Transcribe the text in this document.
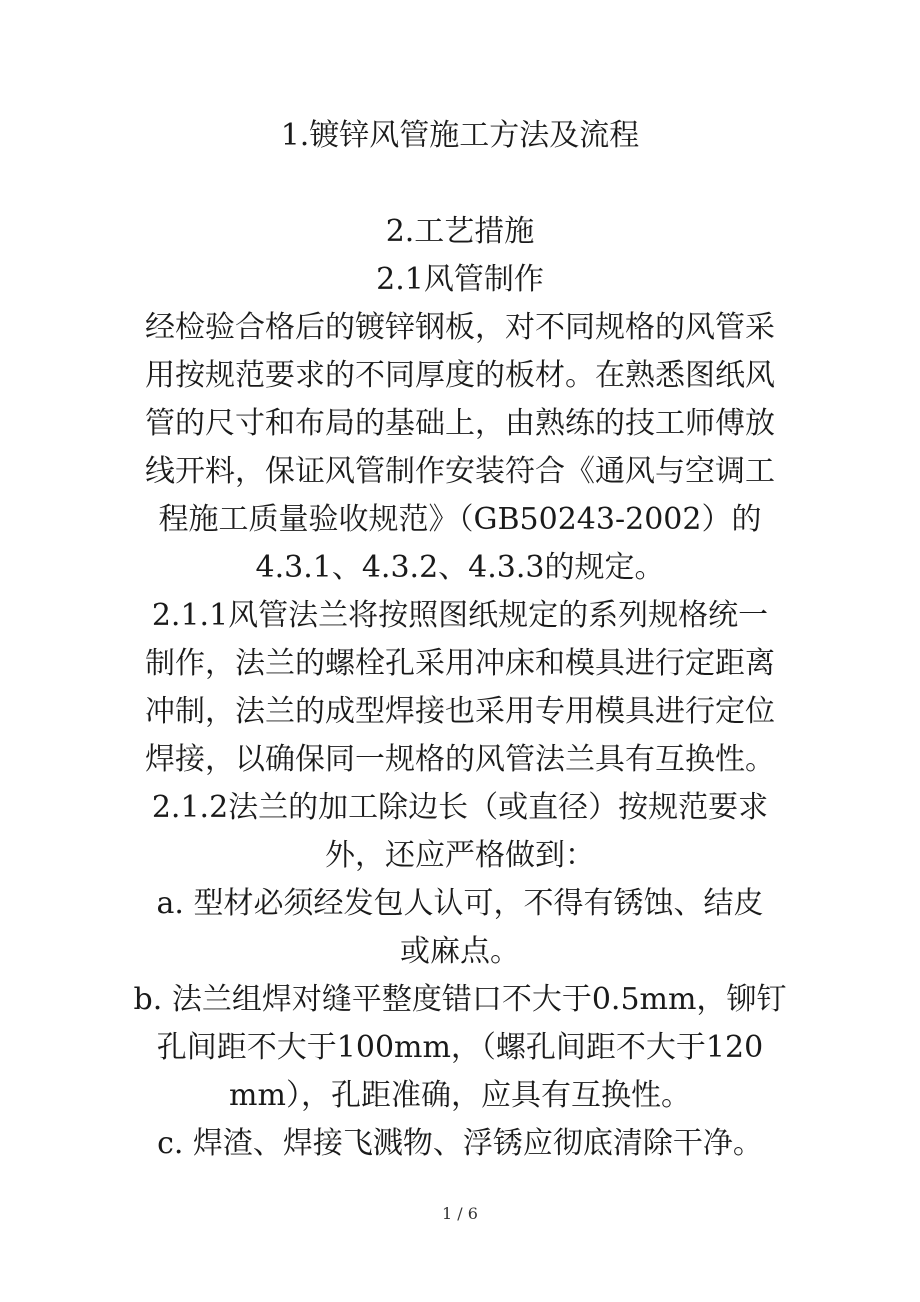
1.镀锌风管施工方法及流程
2.工艺措施
2.1风管制作
经检验合格后的镀锌钢板，对不同规格的风管采
用按规范要求的不同厚度的板材。在熟悉图纸风
管的尺寸和布局的基础上，由熟练的技工师傅放
线开料，保证风管制作安装符合《通风与空调工
程施工质量验收规范》（GB50243-2002）的
4.3.1、4.3.2、4.3.3的规定。
2.1.1风管法兰将按照图纸规定的系列规格统一
制作，法兰的螺栓孔采用冲床和模具进行定距离
冲制，法兰的成型焊接也采用专用模具进行定位
焊接，以确保同一规格的风管法兰具有互换性。
2.1.2法兰的加工除边长（或直径）按规范要求
外，还应严格做到：
a. 型材必须经发包人认可，不得有锈蚀、结皮
或麻点。
b. 法兰组焊对缝平整度错口不大于0.5mm，铆钉
孔间距不大于100mm，（螺孔间距不大于120
mm），孔距准确，应具有互换性。
c. 焊渣、焊接飞溅物、浮锈应彻底清除干净。
1 / 6
